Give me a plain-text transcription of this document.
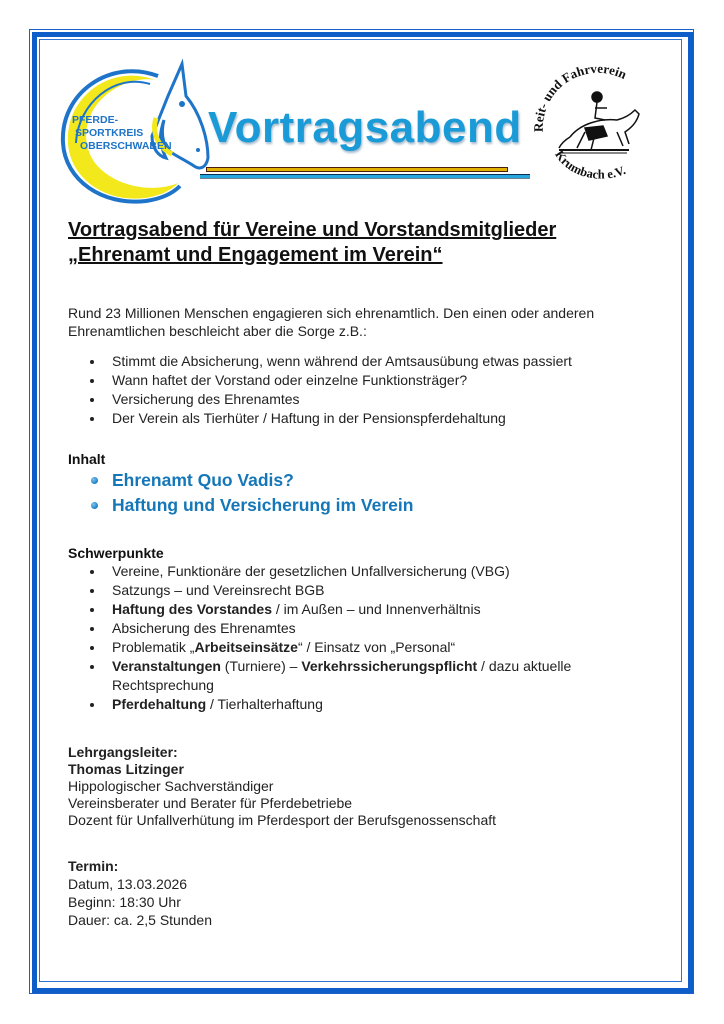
PFERDE-
SPORTKREIS
OBERSCHWABEN Vortragsabend Reit- und Fahrverein
Krumbach e.V.

Vortragsabend für Vereine und Vorstandsmitglieder

„Ehrenamt und Engagement im Verein“

Rund 23 Millionen Menschen engagieren sich ehrenamtlich. Den einen oder anderen Ehrenamtlichen beschleicht aber die Sorge z.B.:

Stimmt die Absicherung, wenn während der Amtsausübung etwas passiert
Wann haftet der Vorstand oder einzelne Funktionsträger?
Versicherung des Ehrenamtes
Der Verein als Tierhüter / Haftung in der Pensionspferdehaltung

Inhalt

Ehrenamt Quo Vadis?
Haftung und Versicherung im Verein

Schwerpunkte

Vereine, Funktionäre der gesetzlichen Unfallversicherung (VBG)
Satzungs – und Vereinsrecht BGB
Haftung des Vorstandes / im Außen – und Innenverhältnis
Absicherung des Ehrenamtes
Problematik „Arbeitseinsätze“ / Einsatz von „Personal“
Veranstaltungen (Turniere) – Verkehrssicherungspflicht / dazu aktuelle Rechtsprechung
Pferdehaltung / Tierhalterhaftung
Lehrgangsleiter:
Thomas Litzinger
Hippologischer Sachverständiger
Vereinsberater und Berater für Pferdebetriebe
Dozent für Unfallverhütung im Pferdesport der Berufsgenossenschaft
Termin:
Datum, 13.03.2026
Beginn: 18:30 Uhr
Dauer: ca. 2,5 Stunden
